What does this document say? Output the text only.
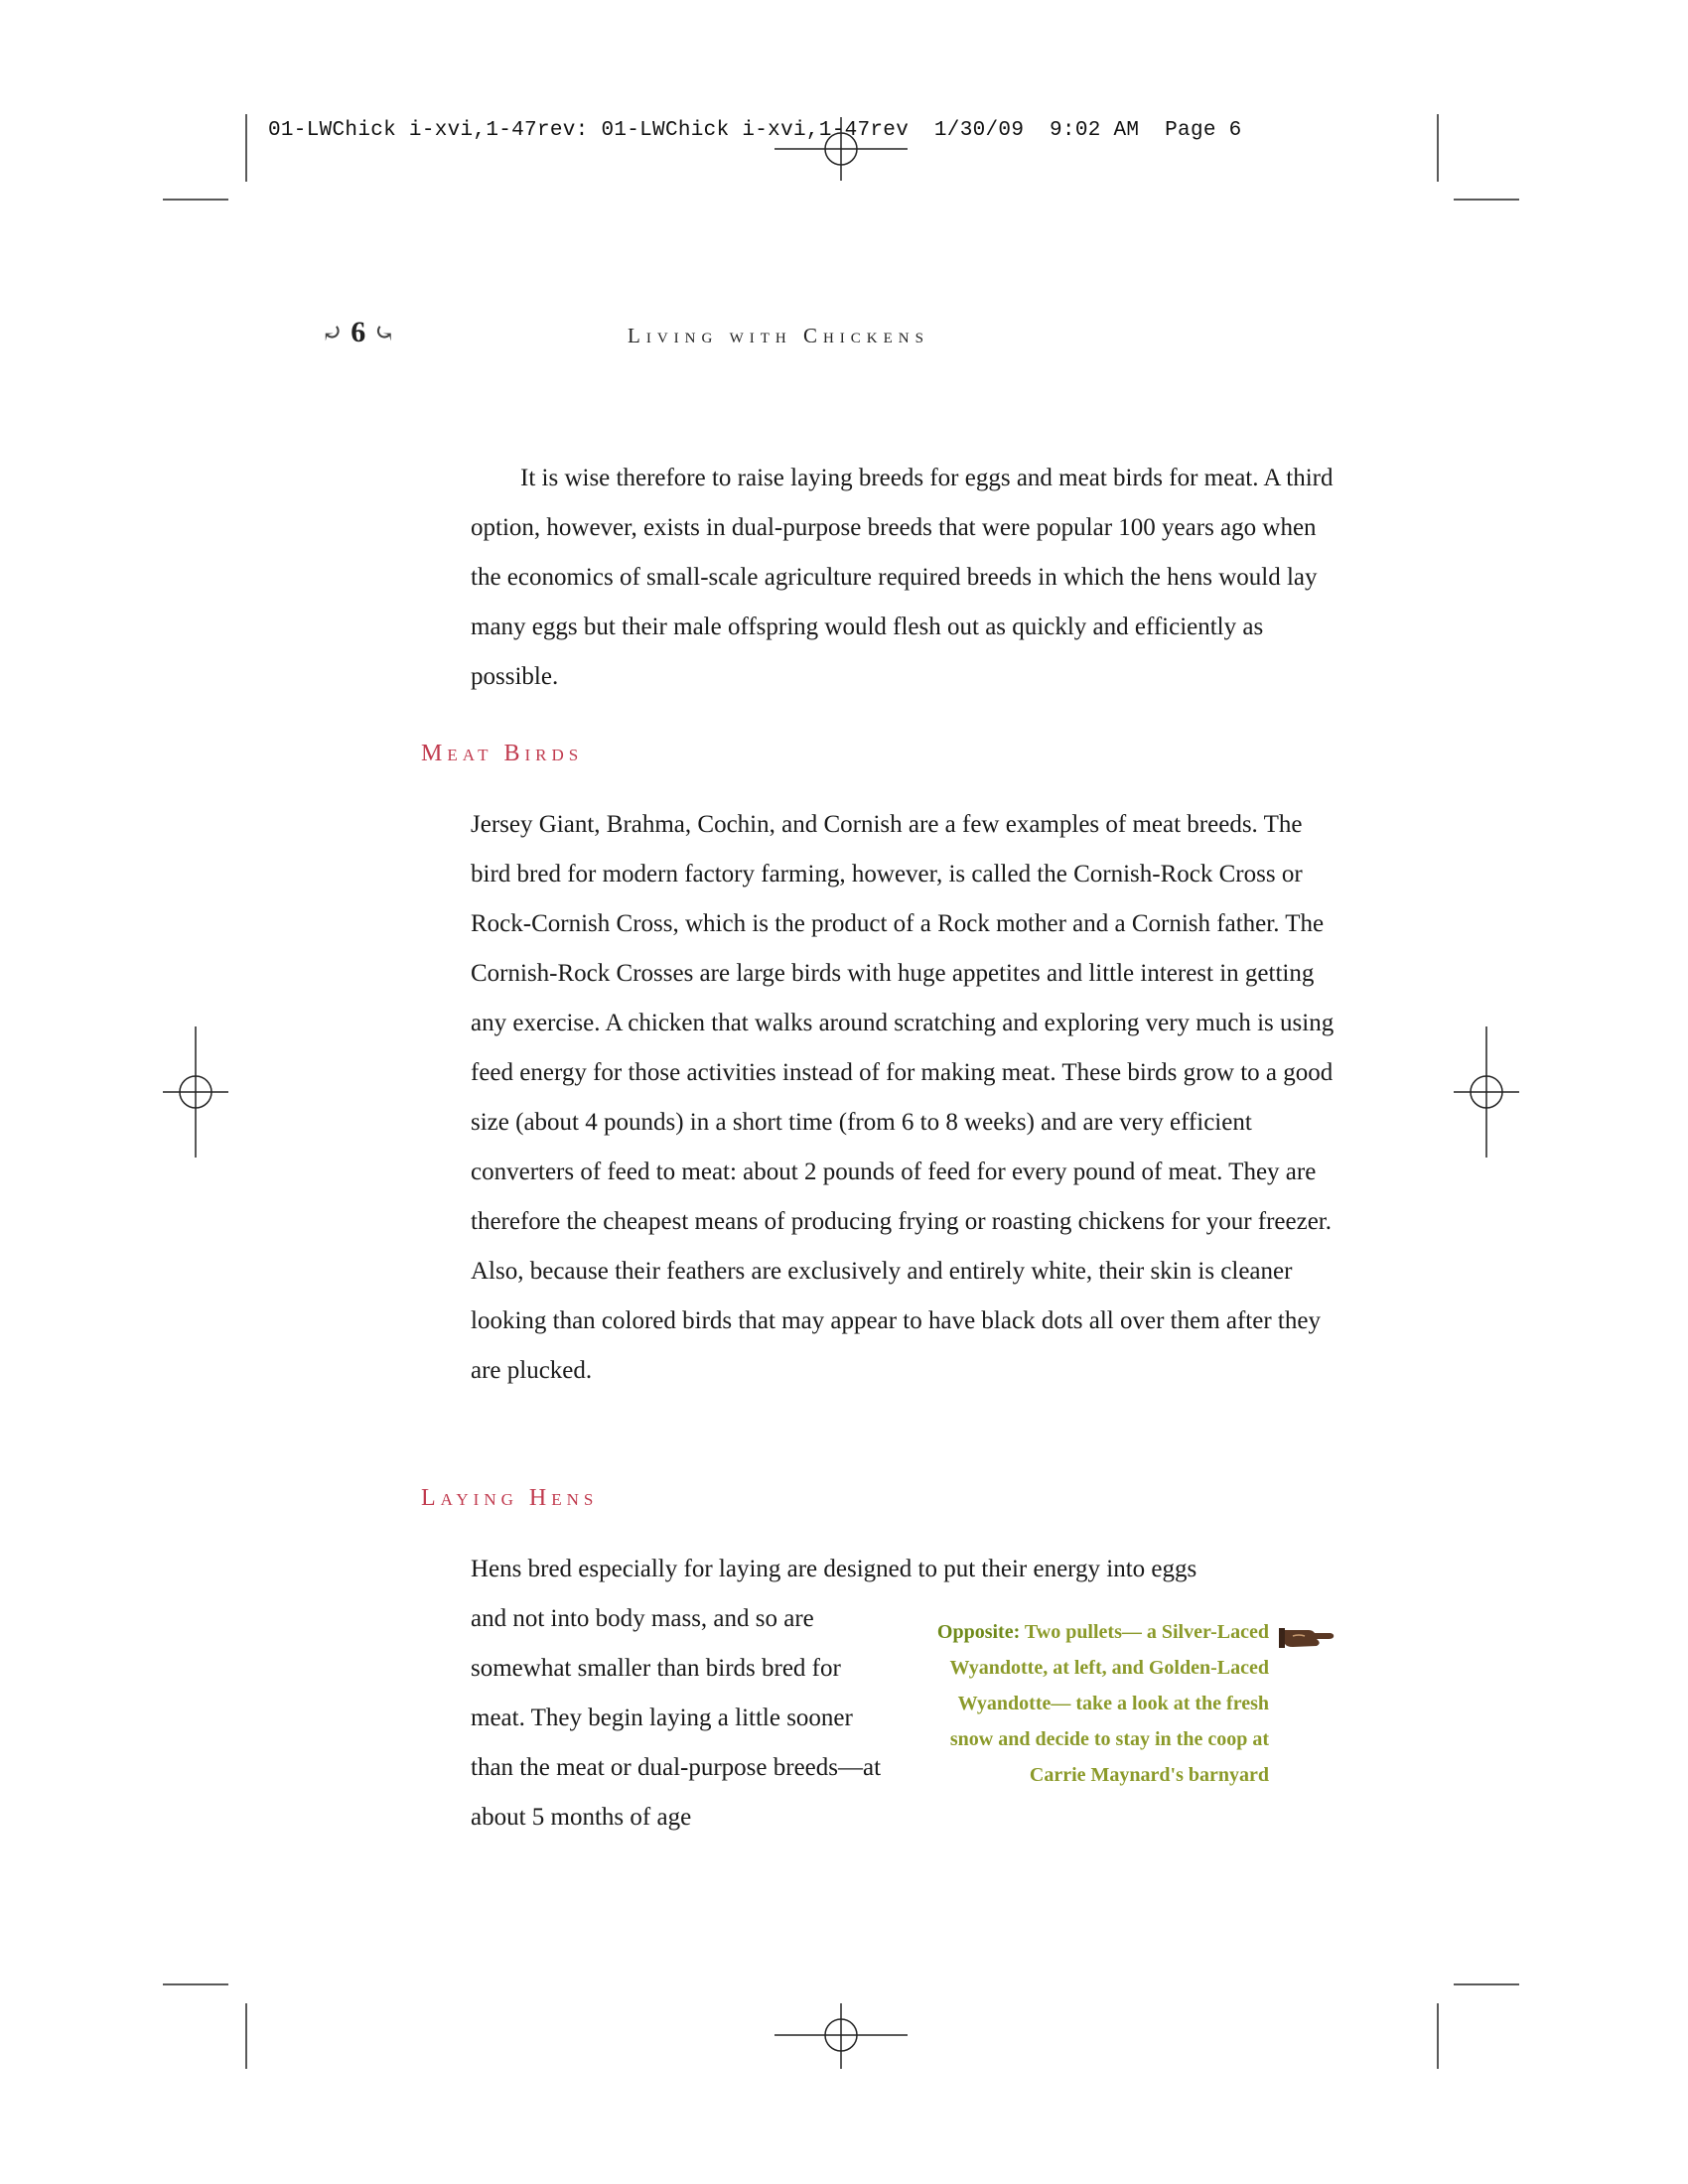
01-LWChick i-xvi,1-47rev: 01-LWChick i-xvi,1-47rev  1/30/09  9:02 AM  Page 6
⤾ 6 ⤿	Living with Chickens

It is wise therefore to raise laying breeds for eggs and meat birds for meat. A third option, however, exists in dual-purpose breeds that were popular 100 years ago when the economics of small-scale agriculture required breeds in which the hens would lay many eggs but their male offspring would flesh out as quickly and efficiently as possible.

Meat Birds

Jersey Giant, Brahma, Cochin, and Cornish are a few examples of meat breeds. The bird bred for modern factory farming, however, is called the Cornish-Rock Cross or Rock-Cornish Cross, which is the product of a Rock mother and a Cornish father. The Cornish-Rock Crosses are large birds with huge appetites and little interest in getting any exercise. A chicken that walks around scratching and exploring very much is using feed energy for those activities instead of for making meat. These birds grow to a good size (about 4 pounds) in a short time (from 6 to 8 weeks) and are very efficient converters of feed to meat: about 2 pounds of feed for every pound of meat. They are therefore the cheapest means of producing frying or roasting chickens for your freezer. Also, because their feathers are exclusively and entirely white, their skin is cleaner looking than colored birds that may appear to have black dots all over them after they are plucked.

Laying Hens

Hens bred especially for laying are designed to put their energy into eggs

and not into body mass, and so are somewhat smaller than birds bred for meat. They begin laying a little sooner than the meat or dual-purpose breeds—at about 5 months of age

Opposite: Two pullets— a Silver-Laced Wyandotte, at left, and Golden-Laced Wyandotte— take a look at the fresh snow and decide to stay in the coop at Carrie Maynard's barnyard
